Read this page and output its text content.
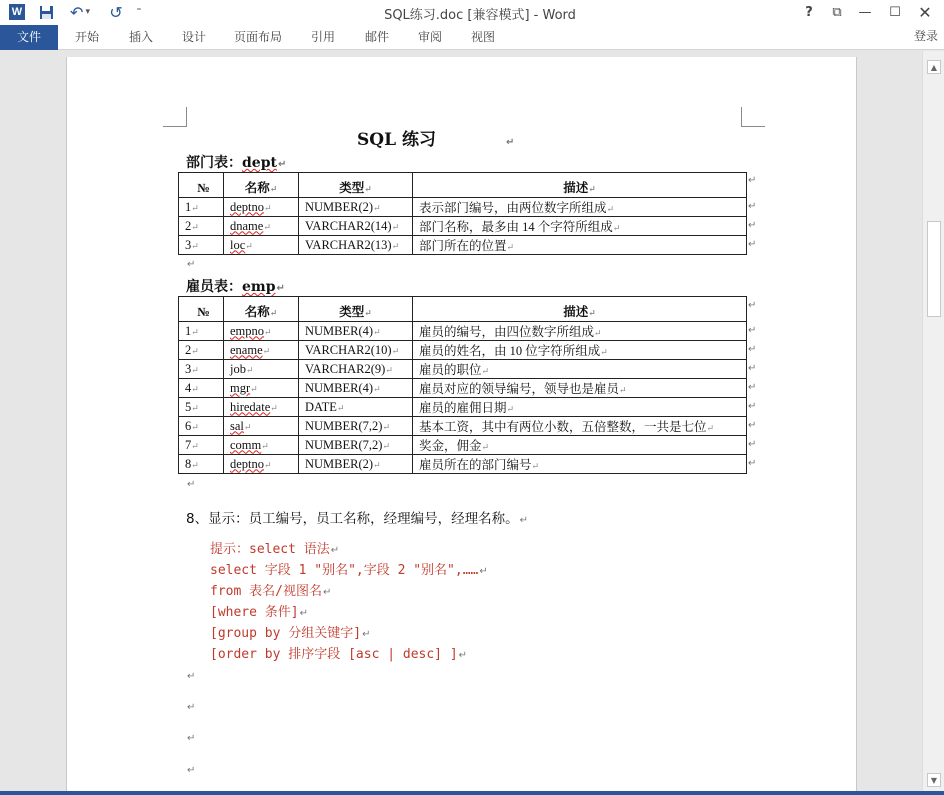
W	↶ ▾ ↺ ⁼	SQL练习.doc [兼容模式] - Word	?	⧉	—	☐	✕
文件	开始	插入	设计	页面布局	引用	邮件	审阅	视图	登录
SQL 练习	↵
部门表：dept↵
№	名称↵	类型↵	描述↵
1↵	deptno↵	NUMBER(2)↵	表示部门编号，由两位数字所组成↵
2↵	dname↵	VARCHAR2(14)↵	部门名称，最多由 14 个字符所组成↵
3↵	loc↵	VARCHAR2(13)↵	部门所在的位置↵
↵
↵
↵
↵
↵
雇员表：emp↵
№	名称↵	类型↵	描述↵
1↵	empno↵	NUMBER(4)↵	雇员的编号，由四位数字所组成↵
2↵	ename↵	VARCHAR2(10)↵	雇员的姓名，由 10 位字符所组成↵
3↵	job↵	VARCHAR2(9)↵	雇员的职位↵
4↵	mgr↵	NUMBER(4)↵	雇员对应的领导编号，领导也是雇员↵
5↵	hiredate↵	DATE↵	雇员的雇佣日期↵
6↵	sal↵	NUMBER(7,2)↵	基本工资，其中有两位小数，五倍整数，一共是七位↵
7↵	comm↵	NUMBER(7,2)↵	奖金，佣金↵
8↵	deptno↵	NUMBER(2)↵	雇员所在的部门编号↵
↵
↵
↵
↵
↵
↵
↵
↵
↵
↵
8、显示：员工编号，员工名称，经理编号，经理名称。↵
提示：select 语法↵
select 字段 1 "别名",字段 2 "别名",……↵
from 表名/视图名↵
[where 条件]↵
[group by 分组关键字]↵
[order by 排序字段 [asc | desc] ]↵
↵
↵
↵
↵
▲
▼
